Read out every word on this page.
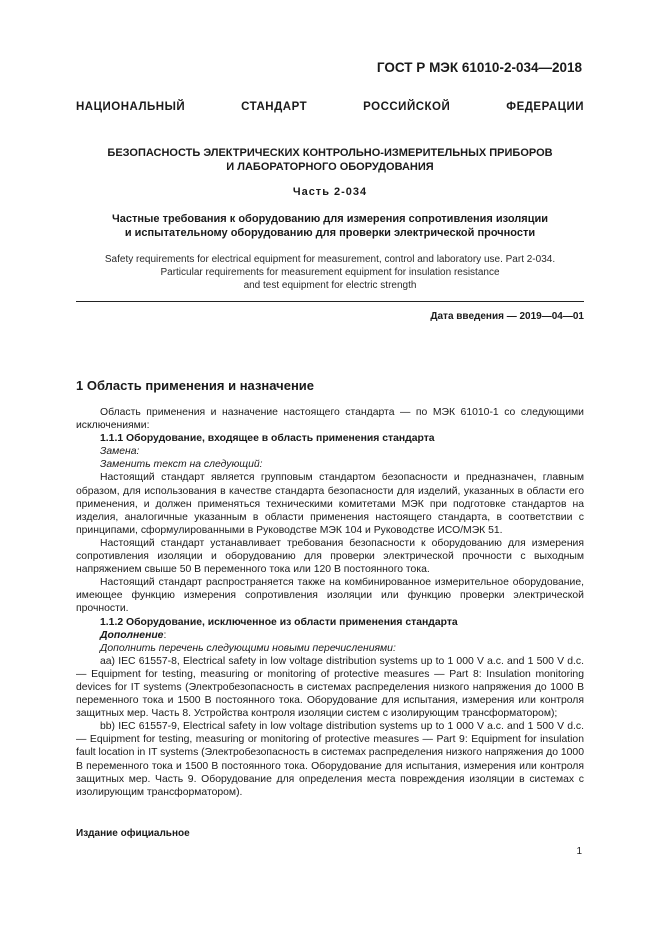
ГОСТ Р МЭК 61010-2-034—2018
НАЦИОНАЛЬНЫЙ СТАНДАРТ РОССИЙСКОЙ ФЕДЕРАЦИИ
БЕЗОПАСНОСТЬ ЭЛЕКТРИЧЕСКИХ КОНТРОЛЬНО-ИЗМЕРИТЕЛЬНЫХ ПРИБОРОВ
И ЛАБОРАТОРНОГО ОБОРУДОВАНИЯ
Часть 2-034
Частные требования к оборудованию для измерения сопротивления изоляции
и испытательному оборудованию для проверки электрической прочности
Safety requirements for electrical equipment for measurement, control and laboratory use. Part 2-034.
Particular requirements for measurement equipment for insulation resistance
and test equipment for electric strength
Дата введения — 2019—04—01
1 Область применения и назначение

Область применения и назначение настоящего стандарта — по МЭК 61010-1 со следующими исключениями:

1.1.1 Оборудование, входящее в область применения стандарта

Замена:

Заменить текст на следующий:

Настоящий стандарт является групповым стандартом безопасности и предназначен, главным образом, для использования в качестве стандарта безопасности для изделий, указанных в области его применения, и должен применяться техническими комитетами МЭК при подготовке стандартов на изделия, аналогичные указанным в области применения настоящего стандарта, в соответствии с принципами, сформулированными в Руководстве МЭК 104 и Руководстве ИСО/МЭК 51.

Настоящий стандарт устанавливает требования безопасности к оборудованию для измерения сопротивления изоляции и оборудованию для проверки электрической прочности с выходным напряжением свыше 50 В переменного тока или 120 В постоянного тока.

Настоящий стандарт распространяется также на комбинированное измерительное оборудование, имеющее функцию измерения сопротивления изоляции или функцию проверки электрической прочности.

1.1.2 Оборудование, исключенное из области применения стандарта

Дополнение:

Дополнить перечень следующими новыми перечислениями:

аа) IEC 61557-8, Electrical safety in low voltage distribution systems up to 1 000 V a.c. and 1 500 V d.c. — Equipment for testing, measuring or monitoring of protective measures — Part 8: Insulation monitoring devices for IT systems (Электробезопасность в системах распределения низкого напряжения до 1000 В переменного тока и 1500 В постоянного тока. Оборудование для испытания, измерения или контроля защитных мер. Часть 8. Устройства контроля изоляции систем с изолирующим трансформатором);

bb) IEC 61557-9, Electrical safety in low voltage distribution systems up to 1 000 V a.c. and 1 500 V d.c. — Equipment for testing, measuring or monitoring of protective measures — Part 9: Equipment for insulation fault location in IT systems (Электробезопасность в системах распределения низкого напряжения до 1000 В переменного тока и 1500 В постоянного тока. Оборудование для испытания, измерения или контроля защитных мер. Часть 9. Оборудование для определения места повреждения изоляции в системах с изолирующим трансформатором).

Издание официальное
1
